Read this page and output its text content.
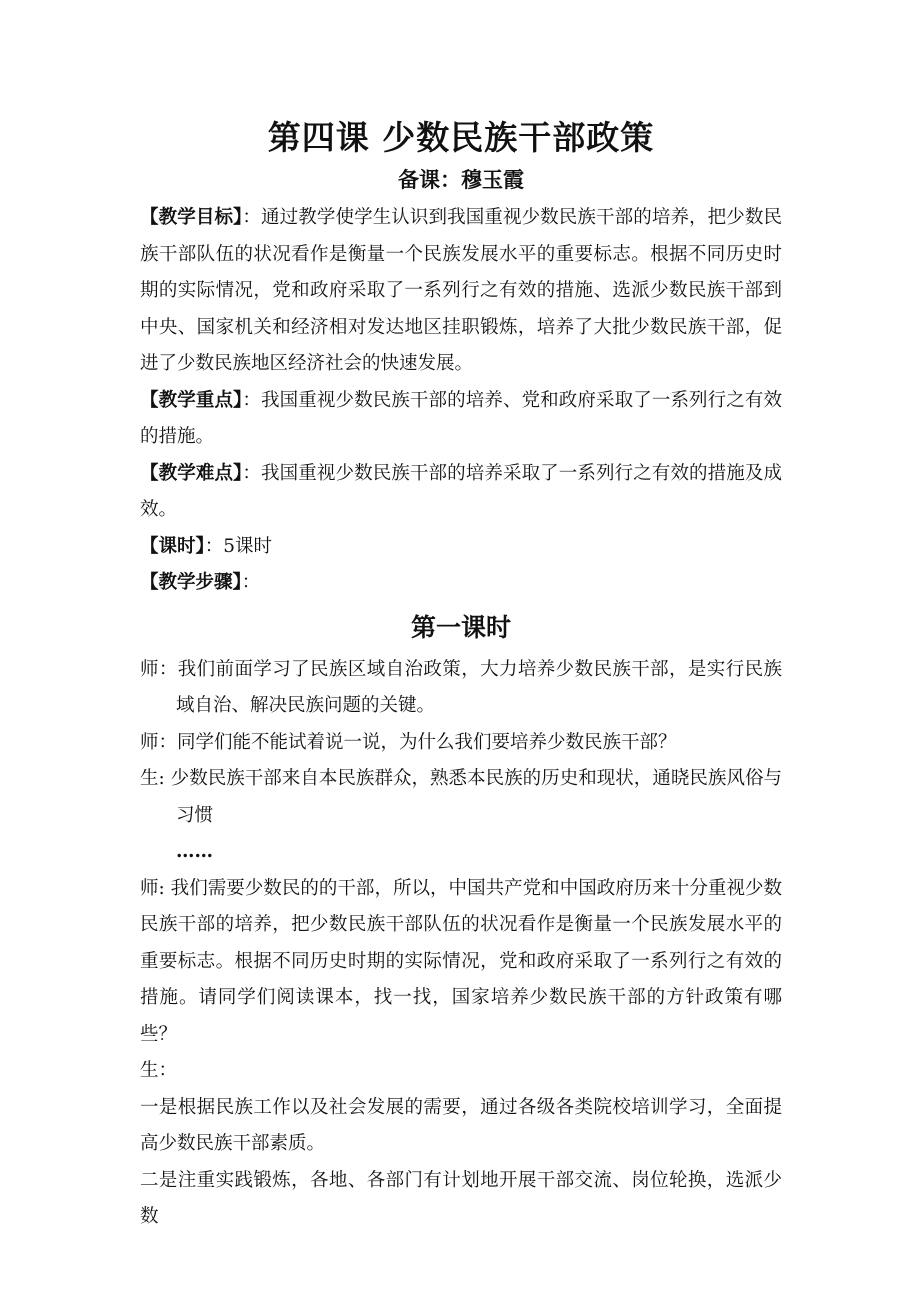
第四课 少数民族干部政策
备课：穆玉霞

【教学目标】：通过教学使学生认识到我国重视少数民族干部的培养，把少数民族干部队伍的状况看作是衡量一个民族发展水平的重要标志。根据不同历史时期的实际情况，党和政府采取了一系列行之有效的措施、选派少数民族干部到中央、国家机关和经济相对发达地区挂职锻炼，培养了大批少数民族干部，促进了少数民族地区经济社会的快速发展。

【教学重点】：我国重视少数民族干部的培养、党和政府采取了一系列行之有效的措施。

【教学难点】：我国重视少数民族干部的培养采取了一系列行之有效的措施及成效。

【课时】：5课时

【教学步骤】：

第一课时

师：我们前面学习了民族区域自治政策，大力培养少数民族干部，是实行民族域自治、解决民族问题的关键。

师：同学们能不能试着说一说，为什么我们要培养少数民族干部？

生: 少数民族干部来自本民族群众，熟悉本民族的历史和现状，通晓民族风俗与习惯

……

师: 我们需要少数民的的干部，所以，中国共产党和中国政府历来十分重视少数民族干部的培养，把少数民族干部队伍的状况看作是衡量一个民族发展水平的重要标志。根据不同历史时期的实际情况，党和政府采取了一系列行之有效的措施。请同学们阅读课本，找一找，国家培养少数民族干部的方针政策有哪些？

生：

一是根据民族工作以及社会发展的需要，通过各级各类院校培训学习，全面提高少数民族干部素质。

二是注重实践锻炼，各地、各部门有计划地开展干部交流、岗位轮换，选派少数
